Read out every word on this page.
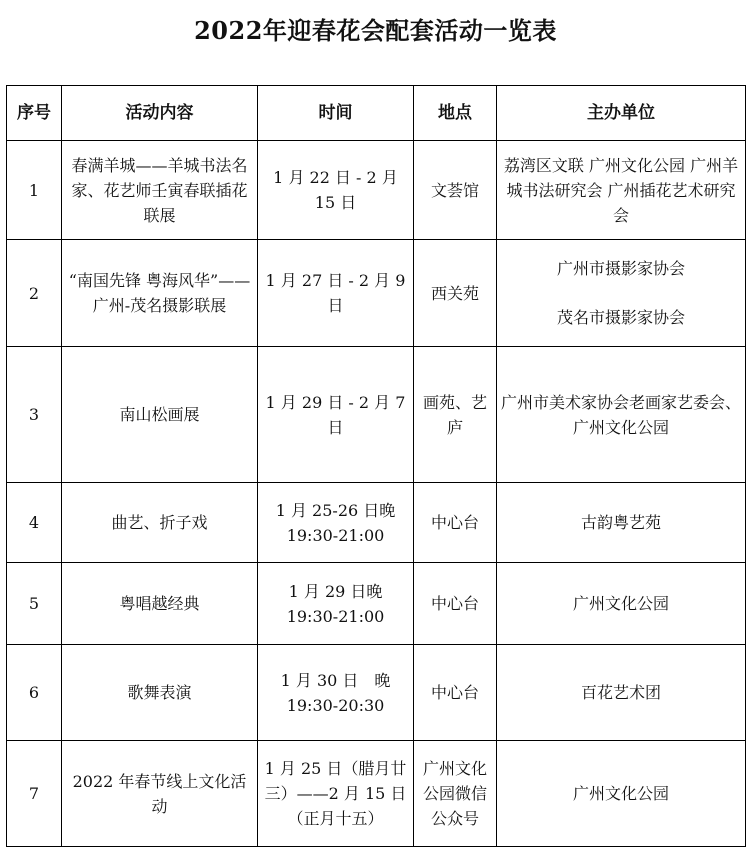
2022年迎春花会配套活动一览表
序号	活动内容	时间	地点	主办单位
1	春满羊城——羊城书法名家、花艺师壬寅春联插花联展	1 月 22 日 - 2 月 15 日	文荟馆	荔湾区文联 广州文化公园 广州羊城书法研究会 广州插花艺术研究会

2	“南国先锋 粤海风华”——广州-茂名摄影联展	1 月 27 日 - 2 月 9 日	西关苑	广州市摄影家协会
茂名市摄影家协会

3	南山松画展	1 月 29 日 - 2 月 7 日	画苑、艺庐	广州市美术家协会老画家艺委会、广州文化公园

4	曲艺、折子戏	1 月 25-26 日晚 19:30-21:00	中心台	古韵粤艺苑

5	粤唱越经典	1 月 29 日晚 19:30-21:00	中心台	广州文化公园

6	歌舞表演	1 月 30 日　晚 19:30-20:30	中心台	百花艺术团

7	2022 年春节线上文化活动	1 月 25 日（腊月廿三）——2 月 15 日（正月十五）	广州文化公园微信公众号	广州文化公园
